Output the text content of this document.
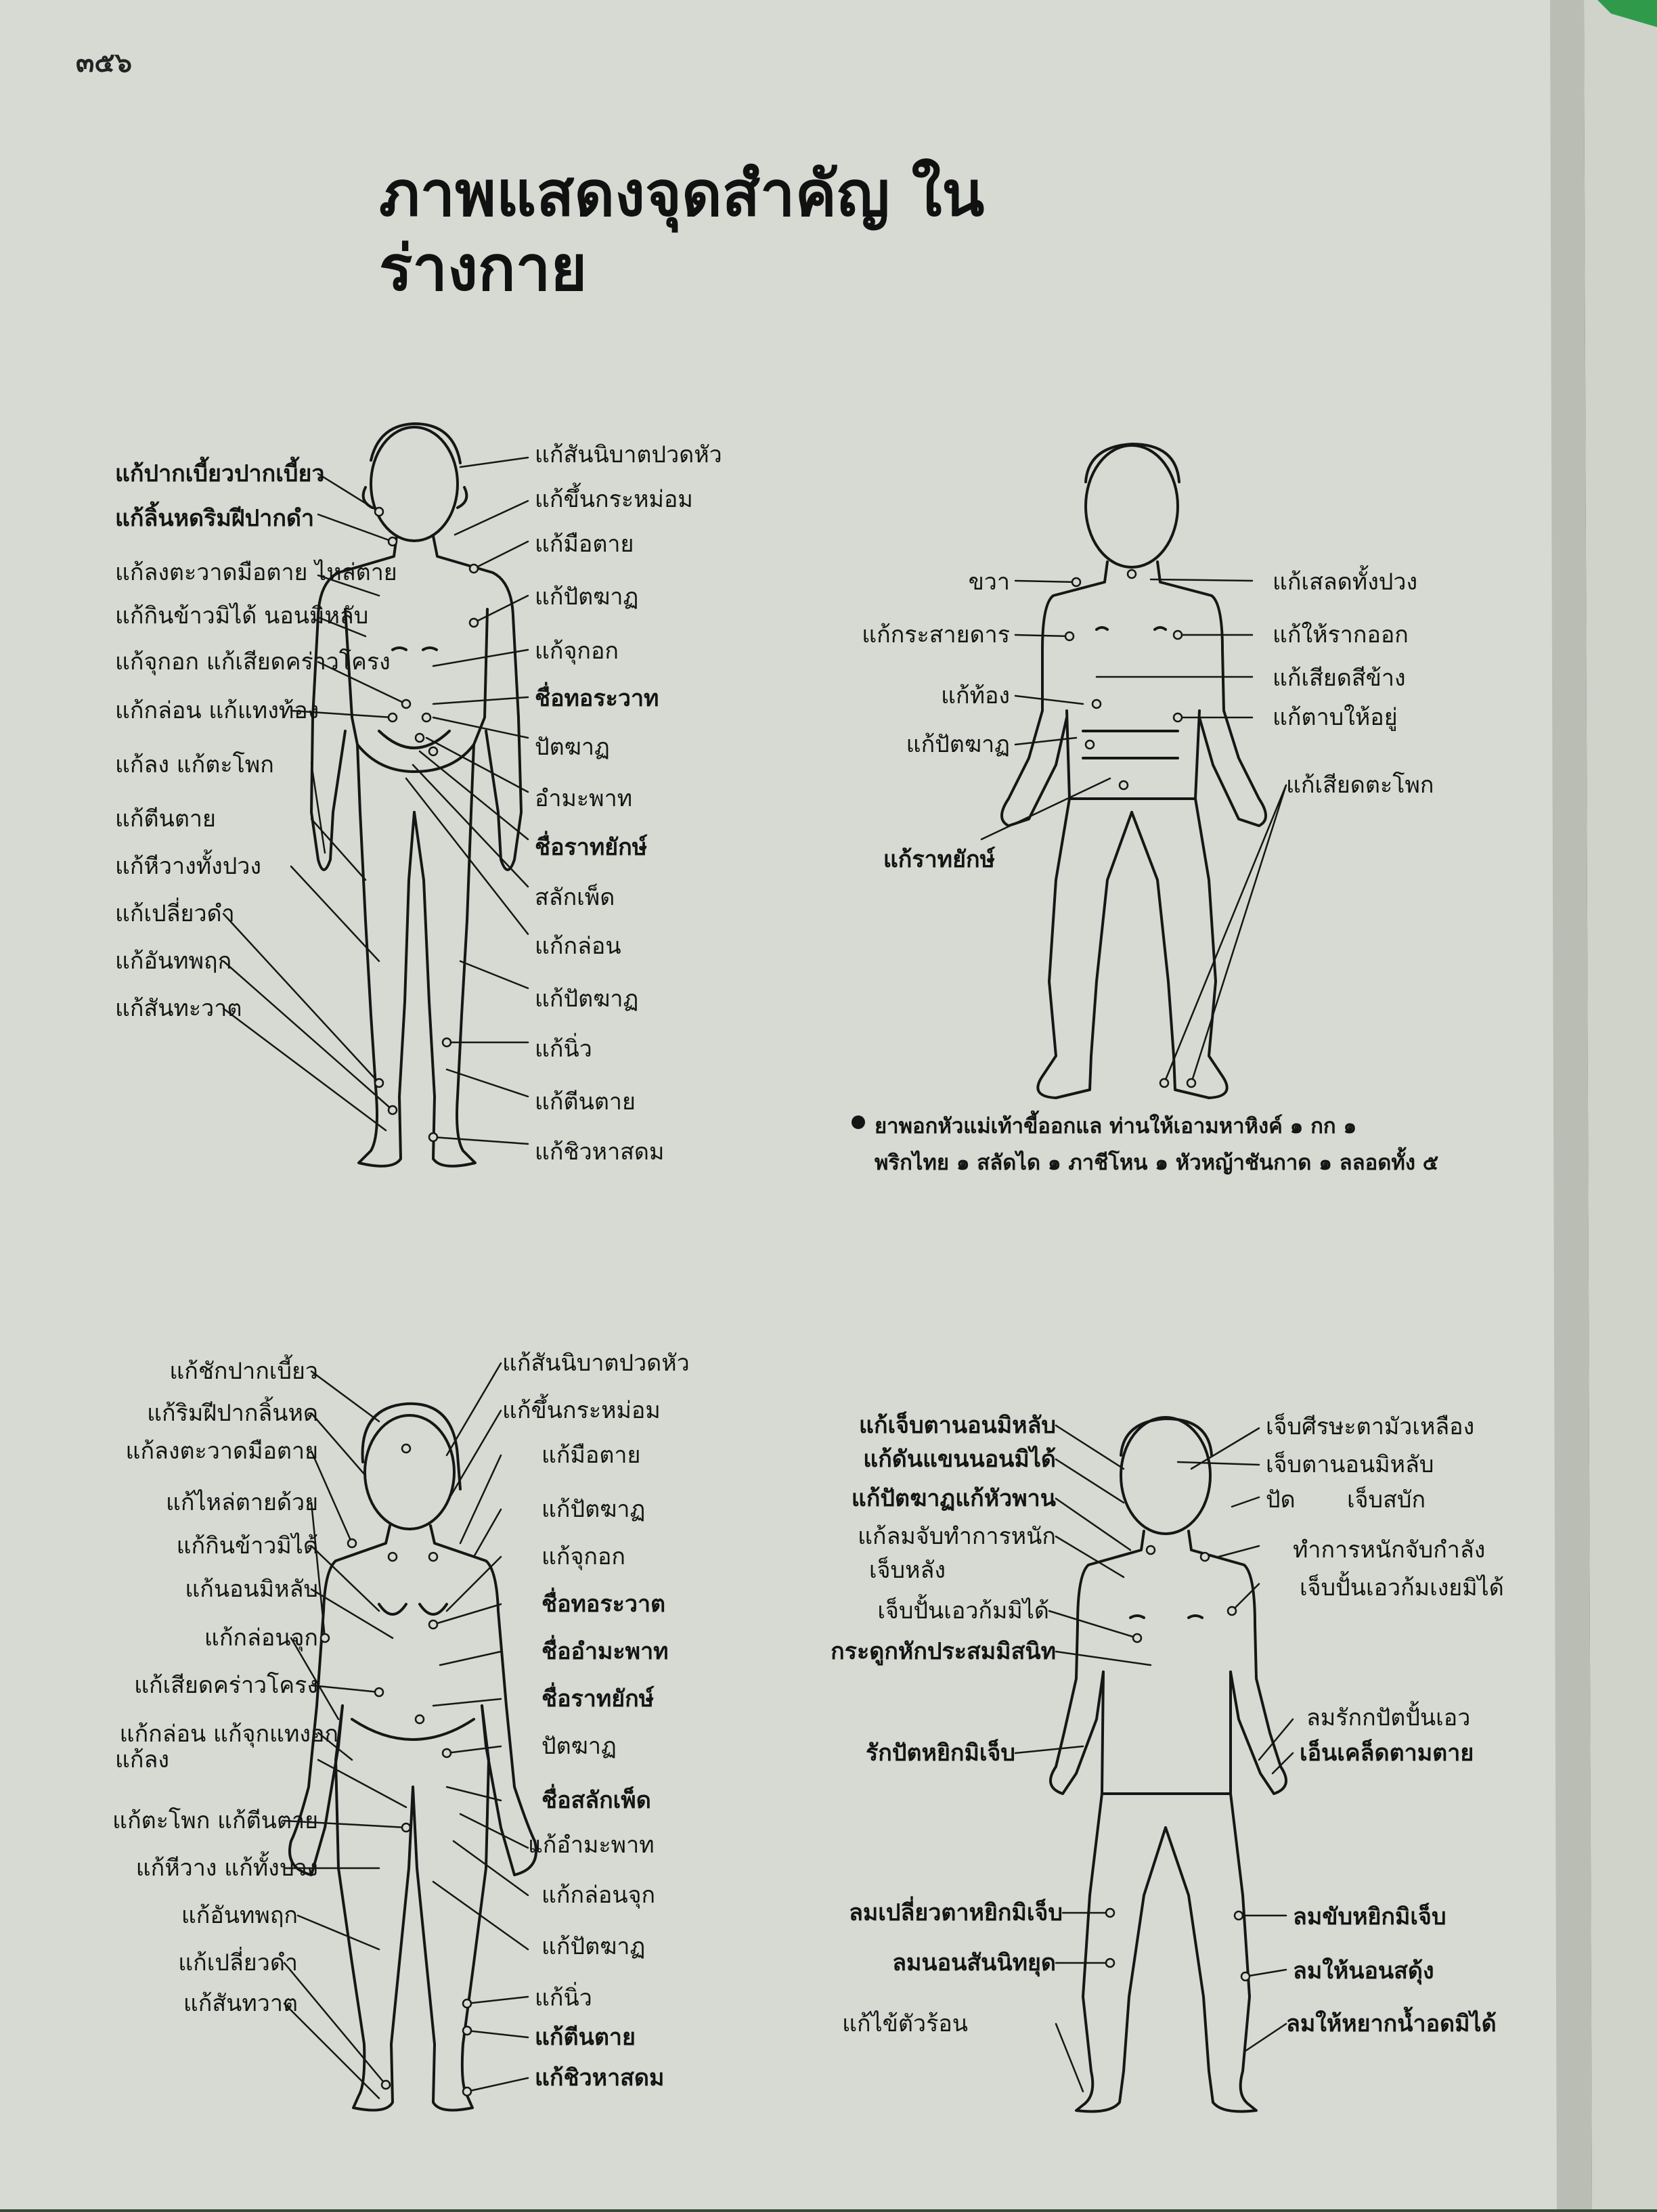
๓๕๖
ภาพแสดงจุดสำคัญ ในร่างกาย
แก้ปากเบี้ยวปากเบี้ยว
แก้ลิ้นหดริมฝีปากดำ
แก้ลงตะวาดมือตาย ไหล่ตาย
แก้กินข้าวมิได้ นอนมิหลับ
แก้จุกอก แก้เสียดคร่าวโครง
แก้กล่อน แก้แทงท้อง
แก้ลง แก้ตะโพก
แก้ตีนตาย
แก้หีวางทั้งปวง
แก้เปลี่ยวดำ
แก้อันทพฤก
แก้สันทะวาต
แก้สันนิบาตปวดหัว
แก้ขึ้นกระหม่อม
แก้มือตาย
แก้ปัตฆาฏ
แก้จุกอก
ชื่อทอระวาท
ปัตฆาฏ
อำมะพาท
ชื่อราทยักษ์
สลักเพ็ด
แก้กล่อน
แก้ปัตฆาฏ
แก้นิ่ว
แก้ตีนตาย
แก้ชิวหาสดม
ขวา
แก้กระสายดาร
แก้ท้อง
แก้ปัตฆาฏ
แก้ราทยักษ์
แก้เสลดทั้งปวง
แก้ให้รากออก
แก้เสียดสีข้าง
แก้ตาบให้อยู่
แก้เสียดตะโพก
ยาพอกหัวแม่เท้าขี้ออกแล ท่านให้เอามหาหิงค์ ๑ กก ๑
พริกไทย ๑ สลัดได ๑ ภาชีโหน ๑ หัวหญ้าชันกาด ๑ ลลอดทั้ง ๕
แก้ชักปากเบี้ยว
แก้ริมฝีปากลิ้นหด
แก้ลงตะวาดมือตาย
แก้ไหล่ตายด้วย
แก้กินข้าวมิได้
แก้นอนมิหลับ
แก้กล่อนจุก
แก้เสียดคร่าวโครง
แก้กล่อน แก้จุกแทงอก
แก้ลง
แก้ตะโพก แก้ตีนตาย
แก้หีวาง แก้ทั้งปวง
แก้อันทพฤก
แก้เปลี่ยวดำ
แก้สันทวาต
แก้สันนิบาตปวดหัว
แก้ขึ้นกระหม่อม
แก้มือตาย
แก้ปัตฆาฏ
แก้จุกอก
ชื่อทอระวาต
ชื่ออำมะพาท
ชื่อราทยักษ์
ปัตฆาฏ
ชื่อสลักเพ็ด
แก้อำมะพาท
แก้กล่อนจุก
แก้ปัตฆาฏ
แก้นิ่ว
แก้ตีนตาย
แก้ชิวหาสดม
แก้เจ็บตานอนมิหลับ
แก้ดันแขนนอนมิได้
แก้ปัตฆาฏแก้หัวพาน
แก้ลมจับทำการหนัก
เจ็บหลัง
เจ็บปั้นเอวก้มมิได้
กระดูกหักประสมมิสนิท
รักปัตหยิกมิเจ็บ
ลมเปลี่ยวตาหยิกมิเจ็บ
ลมนอนสันนิทยุด
แก้ไข้ตัวร้อน
เจ็บศีรษะตามัวเหลือง
เจ็บตานอนมิหลับ
ปัด เจ็บสบัก
ทำการหนักจับกำลัง
เจ็บปั้นเอวก้มเงยมิได้
ลมรักกปัตปั้นเอว
เอ็นเคล็ดตามตาย
ลมขับหยิกมิเจ็บ
ลมให้นอนสดุ้ง
ลมให้หยากน้ำอดมิได้
